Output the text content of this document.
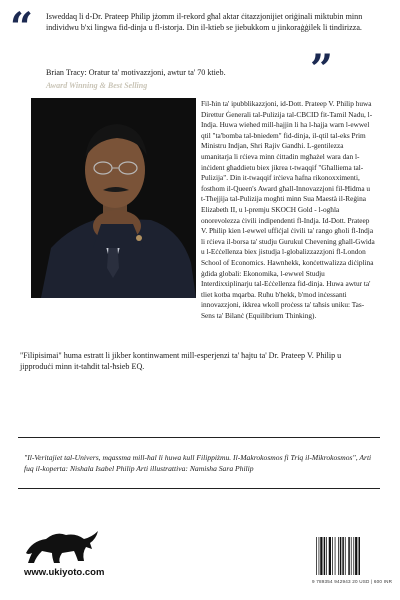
“ Isweddaq li d-Dr. Prateep Philip jżomm il-rekord għal aktar ċitazzjonijiet oriġinali miktubin minn individwu b'xi lingwa fid-dinja u fl-istorja. Din il-ktieb se jiebukkom u jinkoraġġilek li tindirizza.
Brian Tracy: Oratur ta' motivazzjoni, awtur ta' 70 ktieb.
Award Winning & Best Selling	”
Fil-ħin ta' ipubblikazzjoni, id-Dott. Prateep V. Philip huwa Direttur Ġenerali tal-Pulizija tal-CBCID fit-Tamil Nadu, l-Indja. Huwa wiehed mill-hajjin li ha l-hajja warn l-ewwel qtil "ta'bomba tal-bniedem" fid-dinja, il-qtil tal-eks Prim Ministru Indjan, Shri Rajiv Gandhi. L-gentilezza umanitarja li rċieva minn ċittadin mgħażel wara dan l-inċident għaddietu biex jikrea t-twaqqif "Għalliema tal-Pulizija". Din it-twaqqif irċieva ħafna rikonoxximenti, fosthom il-Queen's Award għall-Innovazzjoni fil-Ħidma u t-Tħejjija tal-Pulizija mogħti minn Sua Maestà il-Reġina Elizabeth II, u l-premju SKOCH Gold - l-ogħla onorevolezza ċivili indipendenti fl-Indja. Id-Dott. Prateep V. Philip kien l-ewwel uffiċjal ċivili ta' rango għoli fl-Indja li rċieva il-borsa ta' studju Gurukul Chevening għall-Gwida u l-Eċċellenza biex jistudja l-globalizzazzjoni fl-London School of Economics. Hawnhekk, konċettwalizza diċiplina ġdida globali: Ekonomika, l-ewwel Studju Interdixxiplinarju tal-Eċċellenza fid-dinja. Huwa awtur ta' tliet kotba mqarba. Ruħu b'hekk, b'mod inċessanti innovazzjoni, ikkrea wkoll proċess ta' taħsis uniku: Tas-Sens ta' Bilanċ (Equilibrium Thinking).
"Filipisimai" huma estratt li jikber kontinwament mill-esperjenzi ta' ħajtu ta' Dr. Prateep V. Philip u jipproduċi minn it-taħdit tal-ħsieb EQ.
"Il-Veritajiet tal-Univers, mqassma mill-ħal li huwa kull Filippiżmu. Il-Makrokosmos fi Triq il-Mikrokosmos", Arti fuq il-koperta: Nishala Isabel Philip Arti illustrattiva: Namisha Sara Philip
www.ukiyoto.com
9 789354 942943 20 USD | 600 INR
